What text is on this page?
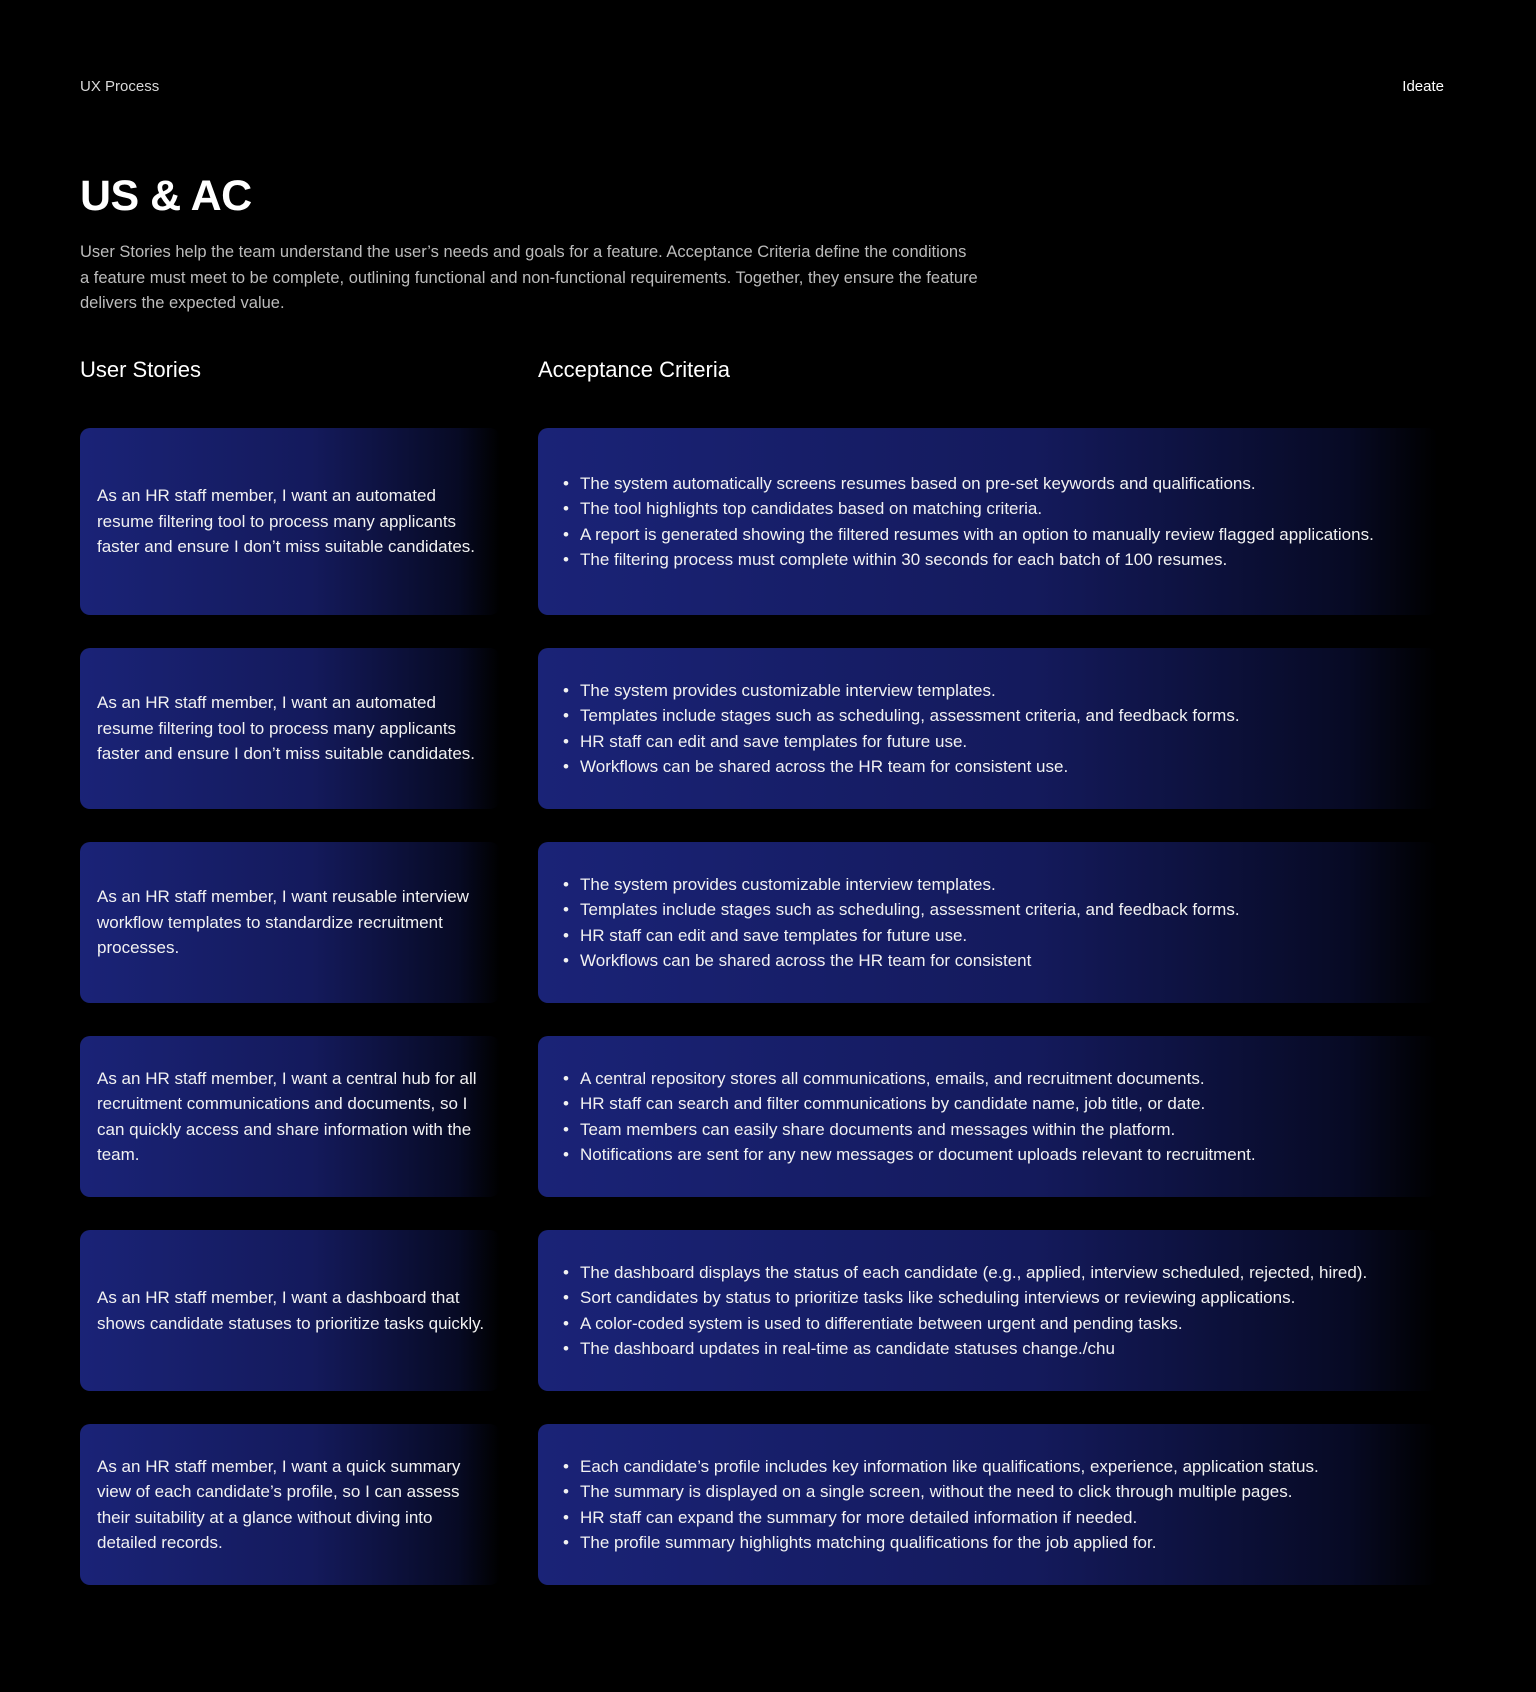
UX Process	Ideate
US & AC

User Stories help the team understand the user’s needs and goals for a feature. Acceptance Criteria define the conditions a feature must meet to be complete, outlining functional and non-functional requirements. Together, they ensure the feature delivers the expected value.

User Stories	Acceptance Criteria
As an HR staff member, I want an automated resume filtering tool to process many applicants faster and ensure I don’t miss suitable candidates.
• The system automatically screens resumes based on pre-set keywords and qualifications.
• The tool highlights top candidates based on matching criteria.
• A report is generated showing the filtered resumes with an option to manually review flagged applications.
• The filtering process must complete within 30 seconds for each batch of 100 resumes.
As an HR staff member, I want an automated resume filtering tool to process many applicants faster and ensure I don’t miss suitable candidates.
• The system provides customizable interview templates.
• Templates include stages such as scheduling, assessment criteria, and feedback forms.
• HR staff can edit and save templates for future use.
• Workflows can be shared across the HR team for consistent use.
As an HR staff member, I want reusable interview workflow templates to standardize recruitment processes.
• The system provides customizable interview templates.
• Templates include stages such as scheduling, assessment criteria, and feedback forms.
• HR staff can edit and save templates for future use.
• Workflows can be shared across the HR team for consistent
As an HR staff member, I want a central hub for all recruitment communications and documents, so I can quickly access and share information with the team.
• A central repository stores all communications, emails, and recruitment documents.
• HR staff can search and filter communications by candidate name, job title, or date.
• Team members can easily share documents and messages within the platform.
• Notifications are sent for any new messages or document uploads relevant to recruitment.
As an HR staff member, I want a dashboard that shows candidate statuses to prioritize tasks quickly.
• The dashboard displays the status of each candidate (e.g., applied, interview scheduled, rejected, hired).
• Sort candidates by status to prioritize tasks like scheduling interviews or reviewing applications.
• A color-coded system is used to differentiate between urgent and pending tasks.
• The dashboard updates in real-time as candidate statuses change./chu
As an HR staff member, I want a quick summary view of each candidate’s profile, so I can assess their suitability at a glance without diving into detailed records.
• Each candidate’s profile includes key information like qualifications, experience, application status.
• The summary is displayed on a single screen, without the need to click through multiple pages.
• HR staff can expand the summary for more detailed information if needed.
• The profile summary highlights matching qualifications for the job applied for.
